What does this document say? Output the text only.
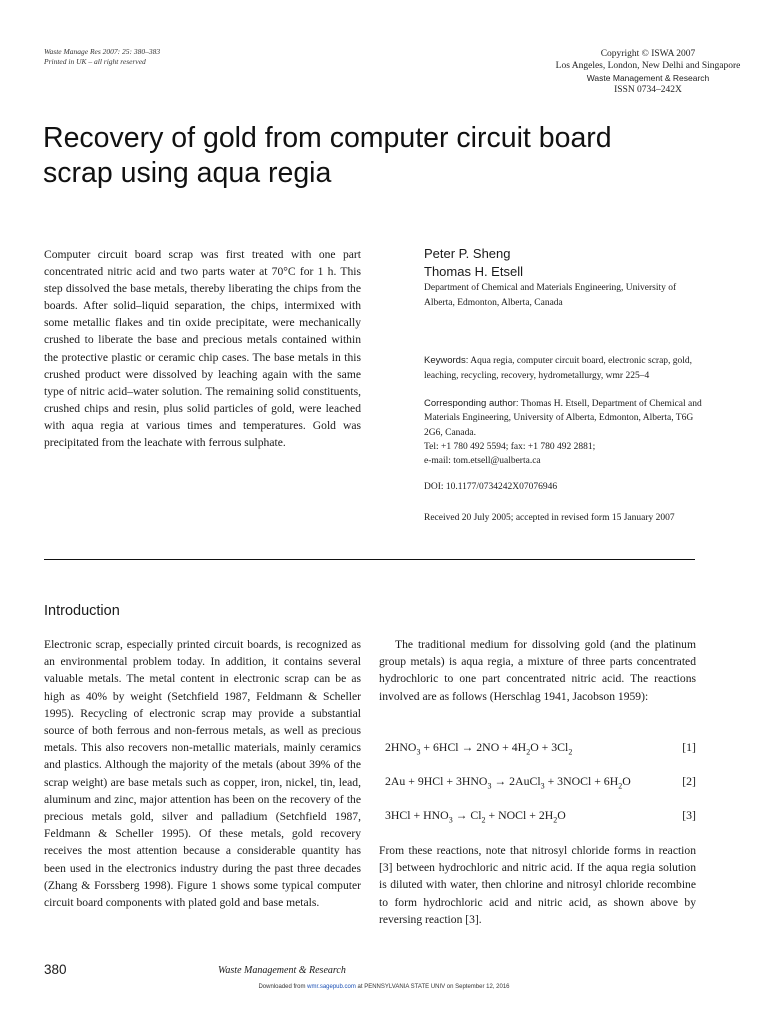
Waste Manage Res 2007: 25: 380–383
Printed in UK – all right reserved
Copyright © ISWA 2007
Los Angeles, London, New Delhi and Singapore
Waste Management & Research
ISSN 0734–242X
Recovery of gold from computer circuit board
scrap using aqua regia
Computer circuit board scrap was first treated with one part concentrated nitric acid and two parts water at 70°C for 1 h. This step dissolved the base metals, thereby liberating the chips from the boards. After solid–liquid separation, the chips, intermixed with some metallic flakes and tin oxide precipitate, were mechanically crushed to liberate the base and precious metals contained within the protective plastic or ceramic chip cases. The base metals in this crushed product were dissolved by leaching again with the same type of nitric acid–water solution. The remaining solid constituents, crushed chips and resin, plus solid particles of gold, were leached with aqua regia at various times and temperatures. Gold was precipitated from the leachate with ferrous sulphate.
Peter P. Sheng
Thomas H. Etsell
Department of Chemical and Materials Engineering, University of Alberta, Edmonton, Alberta, Canada
Keywords: Aqua regia, computer circuit board, electronic scrap, gold, leaching, recycling, recovery, hydrometallurgy, wmr 225–4
Corresponding author: Thomas H. Etsell, Department of Chemical and Materials Engineering, University of Alberta, Edmonton, Alberta, T6G 2G6, Canada.
Tel: +1 780 492 5594; fax: +1 780 492 2881;
e-mail: tom.etsell@ualberta.ca
DOI: 10.1177/0734242X07076946
Received 20 July 2005; accepted in revised form 15 January 2007
Introduction
Electronic scrap, especially printed circuit boards, is recognized as an environmental problem today. In addition, it contains several valuable metals. The metal content in electronic scrap can be as high as 40% by weight (Setchfield 1987, Feldmann & Scheller 1995). Recycling of electronic scrap may provide a substantial source of both ferrous and non-ferrous metals, as well as precious metals. This also recovers non-metallic materials, mainly ceramics and plastics. Although the majority of the metals (about 39% of the scrap weight) are base metals such as copper, iron, nickel, tin, lead, aluminum and zinc, major attention has been on the recovery of the precious metals gold, silver and palladium (Setchfield 1987, Feldmann & Scheller 1995). Of these metals, gold recovery receives the most attention because a considerable quantity has been used in the electronics industry during the past three decades (Zhang & Forssberg 1998). Figure 1 shows some typical computer circuit board components with plated gold and base metals.
The traditional medium for dissolving gold (and the platinum group metals) is aqua regia, a mixture of three parts concentrated hydrochloric to one part concentrated nitric acid. The reactions involved are as follows (Herschlag 1941, Jacobson 1959):
$2HNO_3 + 6HCl \to 2NO + 4H_2O + 3Cl_2$	[1]
$2Au + 9HCl + 3HNO_3$ → 2AuCl$_3$ + 3NOCl + $6H_2O$	[2]
$3HCl + HNO_3 \to Cl_2$ + NOCl + $2H_2O$	[3]
From these reactions, note that nitrosyl chloride forms in reaction [3] between hydrochloric and nitric acid. If the aqua regia solution is diluted with water, then chlorine and nitrosyl chloride recombine to form hydrochloric acid and nitric acid, as shown above by reversing reaction [3].
380	Waste Management & Research
Downloaded from wmr.sagepub.com at PENNSYLVANIA STATE UNIV on September 12, 2016
